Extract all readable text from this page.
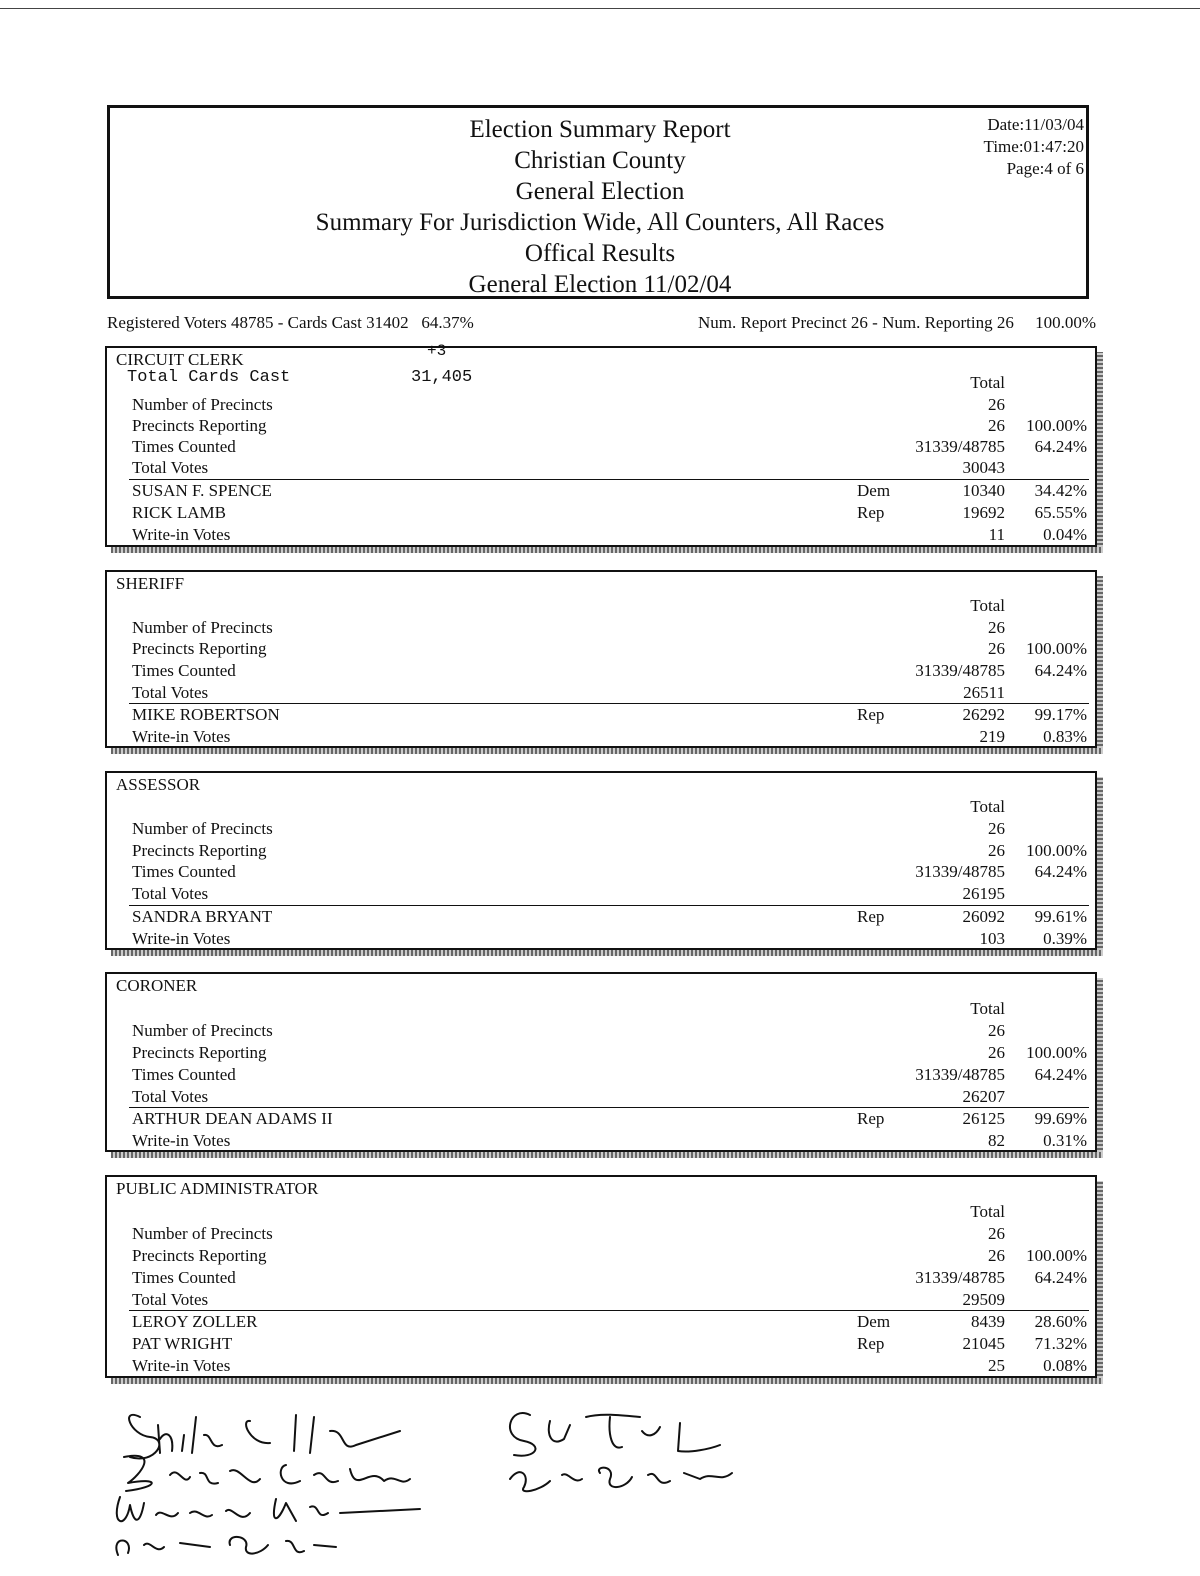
Election Summary Report
Christian County
General Election
Summary For Jurisdiction Wide, All Counters, All Races
Offical Results
General Election 11/02/04
Date:11/03/04
Time:01:47:20
Page:4 of 6
Registered Voters 48785 - Cards Cast 31402   64.37%	Num. Report Precinct 26 - Num. Reporting 26     100.00%
CIRCUIT CLERK	+3
Total Cards Cast	31,405	Total
Number of Precincts	26
Precincts Reporting	26 100.00%
Times Counted	31339/48785 64.24%
Total Votes	30043
SUSAN F. SPENCE	Dem	10340 34.42%
RICK LAMB	Rep	19692 65.55%
Write-in Votes	11 0.04%
SHERIFF
Total
Number of Precincts	26
Precincts Reporting	26 100.00%
Times Counted	31339/48785 64.24%
Total Votes	26511
MIKE ROBERTSON	Rep	26292 99.17%
Write-in Votes	219 0.83%
ASSESSOR
Total
Number of Precincts	26
Precincts Reporting	26 100.00%
Times Counted	31339/48785 64.24%
Total Votes	26195
SANDRA BRYANT	Rep	26092 99.61%
Write-in Votes	103 0.39%
CORONER
Total
Number of Precincts	26
Precincts Reporting	26 100.00%
Times Counted	31339/48785 64.24%
Total Votes	26207
ARTHUR DEAN ADAMS II	Rep	26125 99.69%
Write-in Votes	82 0.31%
PUBLIC ADMINISTRATOR
Total
Number of Precincts	26
Precincts Reporting	26 100.00%
Times Counted	31339/48785 64.24%
Total Votes	29509
LEROY ZOLLER	Dem	8439 28.60%
PAT WRIGHT	Rep	21045 71.32%
Write-in Votes	25 0.08%
